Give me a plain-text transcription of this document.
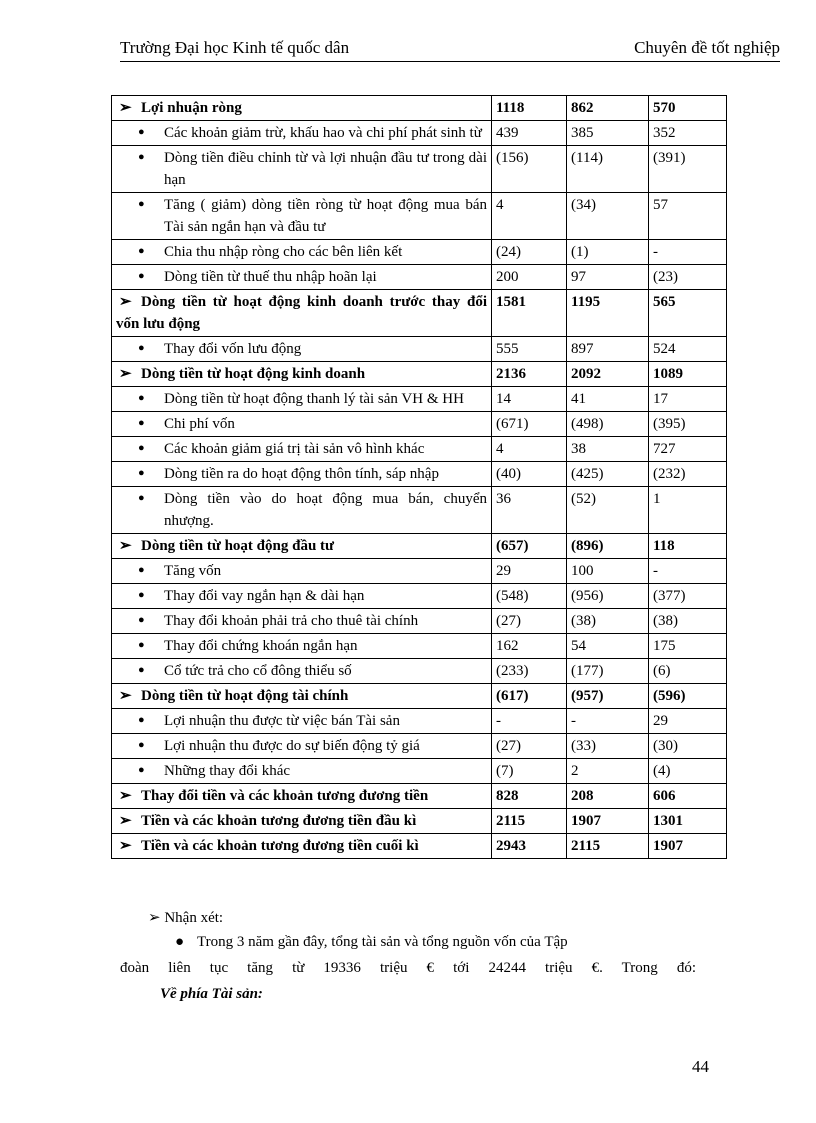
Trường Đại học Kinh tế quốc dân	Chuyên đề tốt nghiệp
➢ Lợi nhuận ròng	1118	862	570

● Các khoản giảm trừ, khấu hao và chi phí phát sinh từ	439	385	352

● Dòng tiền điều chỉnh từ và lợi nhuận đầu tư trong dài hạn	(156)	(114)	(391)

● Tăng ( giảm) dòng tiền ròng từ hoạt động mua bán Tài sản ngắn hạn và đầu tư	4	(34)	57

● Chia thu nhập ròng cho các bên liên kết	(24)	(1)	-

● Dòng tiền từ thuế thu nhập hoãn lại	200	97	(23)
➢ Dòng tiền từ hoạt động kinh doanh trước thay đổi vốn lưu động	1581	1195	565

● Thay đổi vốn lưu động	555	897	524
➢ Dòng tiền từ hoạt động kinh doanh	2136	2092	1089

● Dòng tiền từ hoạt động thanh lý tài sản VH & HH	14	41	17

● Chi phí vốn	(671)	(498)	(395)

● Các khoản giảm giá trị tài sản vô hình khác	4	38	727

● Dòng tiền ra do hoạt động thôn tính, sáp nhập	(40)	(425)	(232)

● Dòng tiền vào do hoạt động mua bán, chuyển nhượng.	36	(52)	1
➢ Dòng tiền từ hoạt động đầu tư	(657)	(896)	118

● Tăng vốn	29	100	-

● Thay đổi vay ngắn hạn & dài hạn	(548)	(956)	(377)

● Thay đổi khoản phải trả cho thuê tài chính	(27)	(38)	(38)

● Thay đổi chứng khoán ngắn hạn	162	54	175

● Cổ tức trả cho cổ đông thiểu số	(233)	(177)	(6)
➢ Dòng tiền từ hoạt động tài chính	(617)	(957)	(596)

● Lợi nhuận thu được từ việc bán Tài sản	-	-	29

● Lợi nhuận thu được do sự biến động tỷ giá	(27)	(33)	(30)

● Những thay đổi khác	(7)	2	(4)
➢ Thay đổi tiền và các khoản tương đương tiền	828	208	606
➢ Tiền và các khoản tương đương tiền đầu kì	2115	1907	1301
➢ Tiền và các khoản tương đương tiền cuối kì	2943	2115	1907
➢ Nhận xét:
● Trong 3 năm gần đây, tổng tài sản và tổng nguồn vốn của Tập
đoàn liên tục tăng từ 19336 triệu € tới 24244 triệu €. Trong đó:
Về phía Tài sản:
44
